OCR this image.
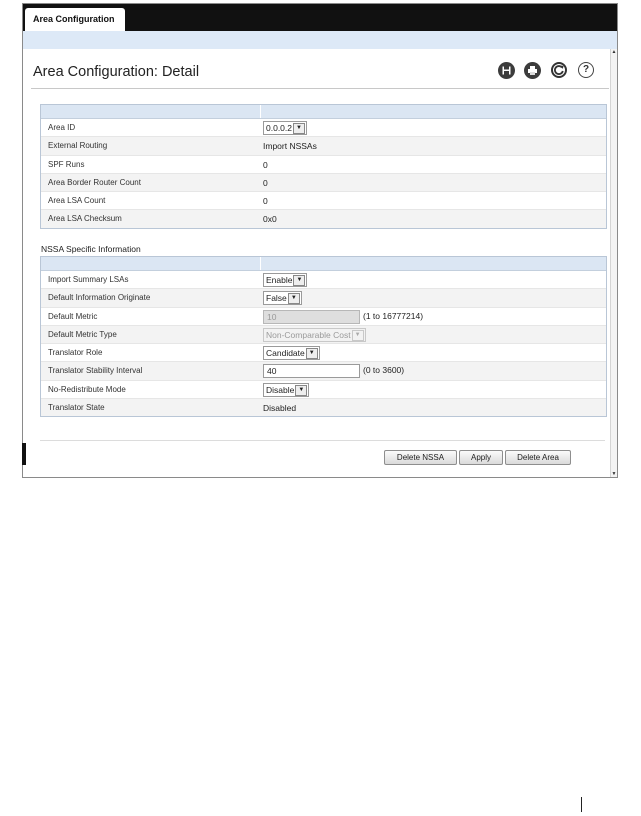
Area Configuration
▲
▼
Area Configuration: Detail	?
Area ID	0.0.0.2 ▼
External Routing	Import NSSAs
SPF Runs	0
Area Border Router Count	0
Area LSA Count	0
Area LSA Checksum	0x0
NSSA Specific Information
Import Summary LSAs	Enable ▼
Default Information Originate	False ▼
Default Metric	10	(1 to 16777214)
Default Metric Type	Non-Comparable Cost ▼
Translator Role	Candidate ▼
Translator Stability Interval	40	(0 to 3600)
No-Redistribute Mode	Disable ▼
Translator State	Disabled
Delete NSSA	Apply	Delete Area
